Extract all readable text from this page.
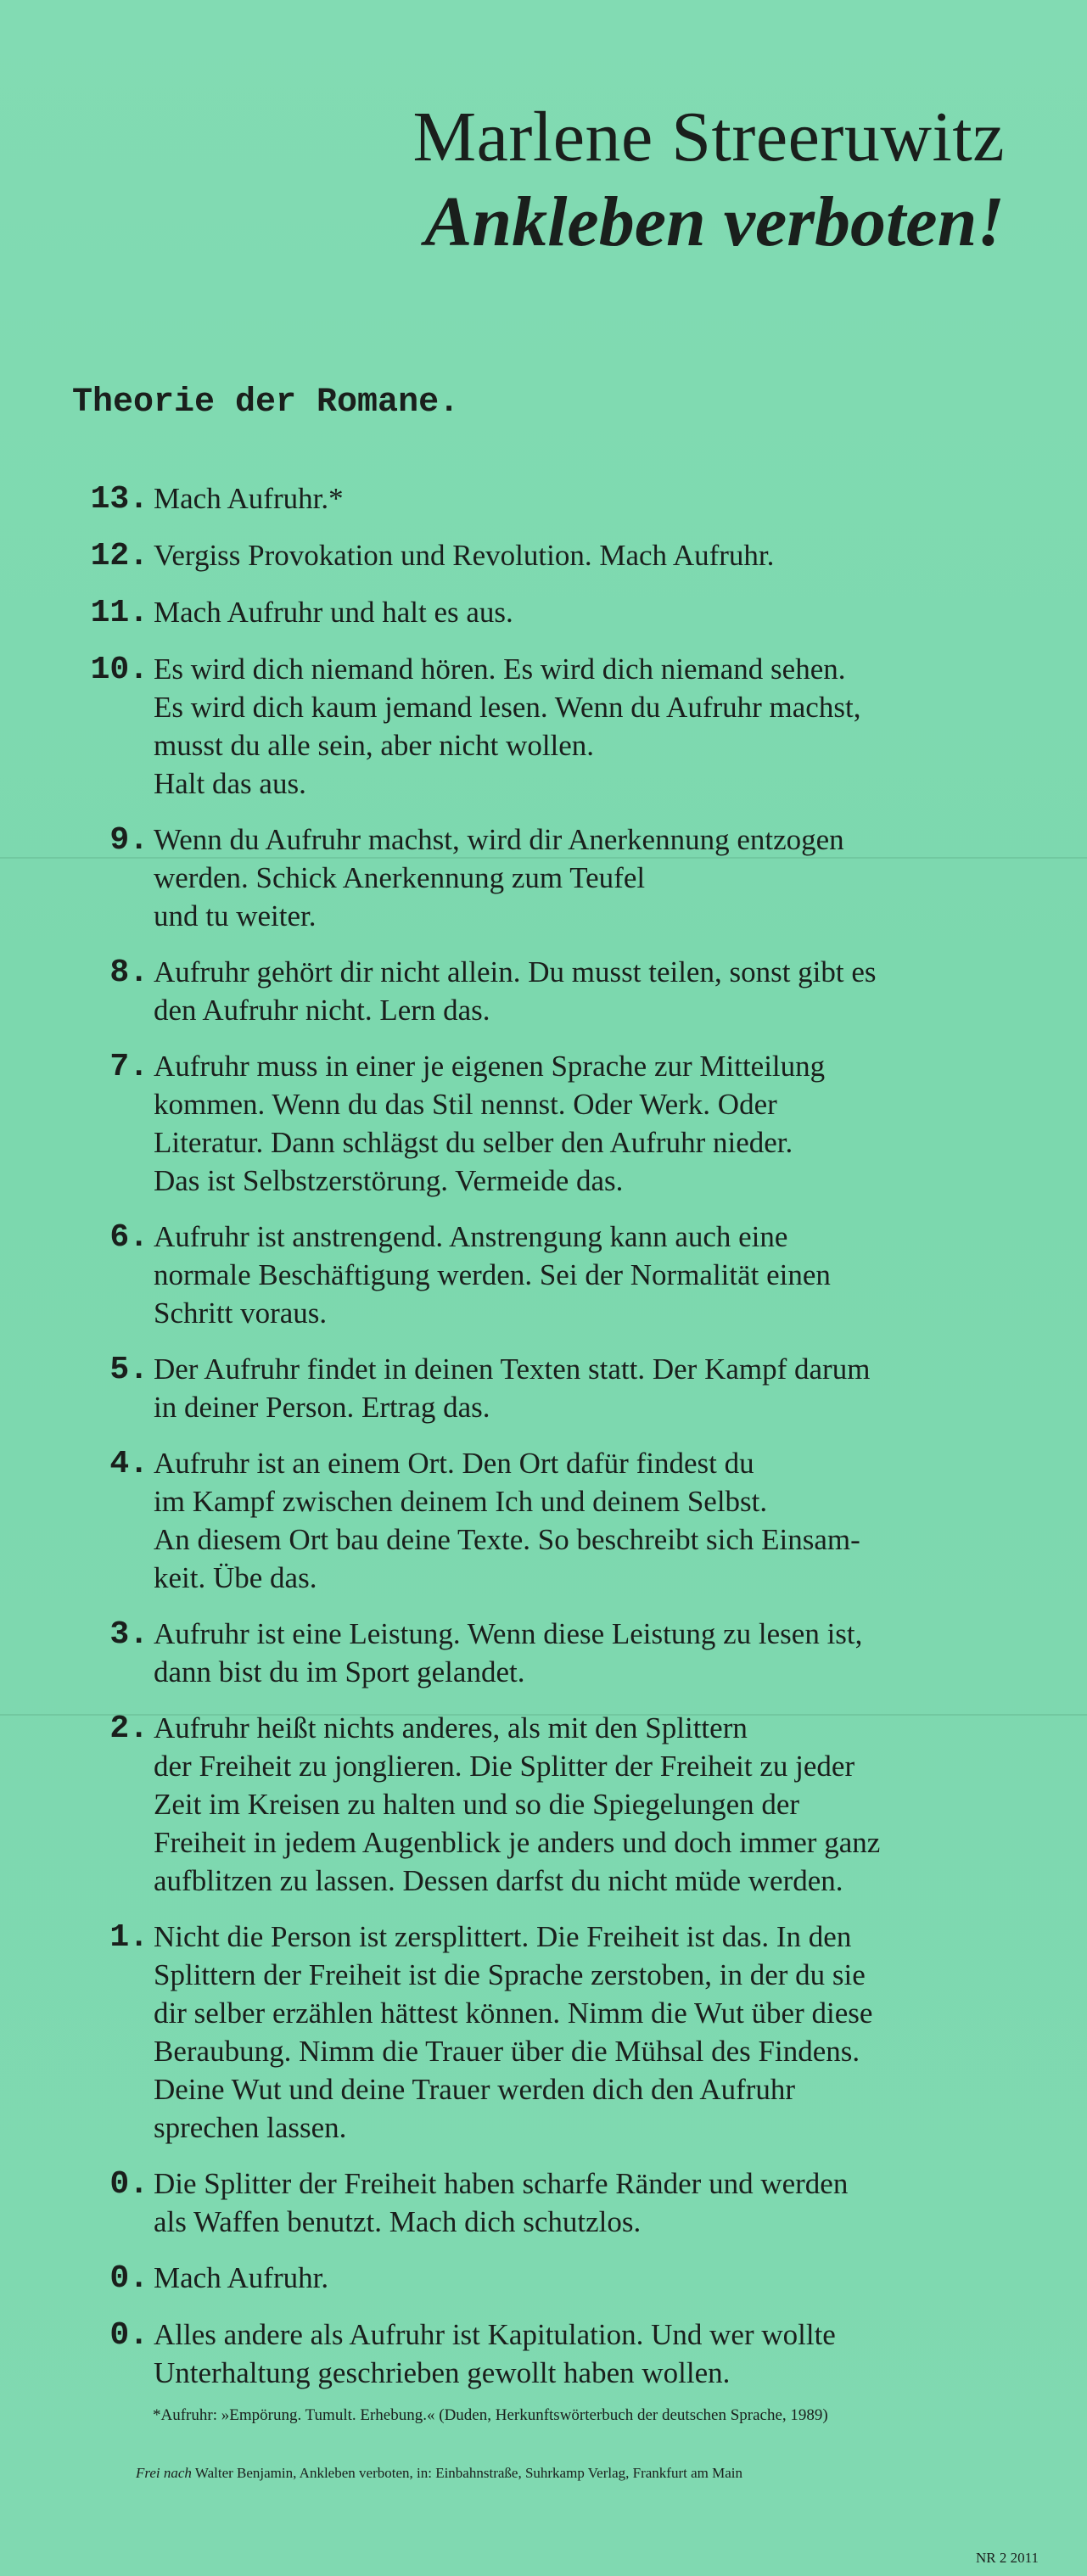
Marlene Streeruwitz
Ankleben verboten!
Theorie der Romane.
13. Mach Aufruhr.*
12. Vergiss Provokation und Revolution. Mach Aufruhr.
11. Mach Aufruhr und halt es aus.
10. Es wird dich niemand hören. Es wird dich niemand sehen.
Es wird dich kaum jemand lesen. Wenn du Aufruhr machst,
musst du alle sein, aber nicht wollen.
Halt das aus.
9. Wenn du Aufruhr machst, wird dir Anerkennung entzogen
werden. Schick Anerkennung zum Teufel
und tu weiter.
8. Aufruhr gehört dir nicht allein. Du musst teilen, sonst gibt es
den Aufruhr nicht. Lern das.
7. Aufruhr muss in einer je eigenen Sprache zur Mitteilung
kommen. Wenn du das Stil nennst. Oder Werk. Oder
Literatur. Dann schlägst du selber den Aufruhr nieder.
Das ist Selbstzerstörung. Vermeide das.
6. Aufruhr ist anstrengend. Anstrengung kann auch eine
normale Beschäftigung werden. Sei der Normalität einen
Schritt voraus.
5. Der Aufruhr findet in deinen Texten statt. Der Kampf darum
in deiner Person. Ertrag das.
4. Aufruhr ist an einem Ort. Den Ort dafür findest du
im Kampf zwischen deinem Ich und deinem Selbst.
An diesem Ort bau deine Texte. So beschreibt sich Einsam-
keit. Übe das.
3. Aufruhr ist eine Leistung. Wenn diese Leistung zu lesen ist,
dann bist du im Sport gelandet.
2. Aufruhr heißt nichts anderes, als mit den Splittern
der Freiheit zu jonglieren. Die Splitter der Freiheit zu jeder
Zeit im Kreisen zu halten und so die Spiegelungen der
Freiheit in jedem Augenblick je anders und doch immer ganz
aufblitzen zu lassen. Dessen darfst du nicht müde werden.
1. Nicht die Person ist zersplittert. Die Freiheit ist das. In den
Splittern der Freiheit ist die Sprache zerstoben, in der du sie
dir selber erzählen hättest können. Nimm die Wut über diese
Beraubung. Nimm die Trauer über die Mühsal des Findens.
Deine Wut und deine Trauer werden dich den Aufruhr
sprechen lassen.
0. Die Splitter der Freiheit haben scharfe Ränder und werden
als Waffen benutzt. Mach dich schutzlos.
0. Mach Aufruhr.
0. Alles andere als Aufruhr ist Kapitulation. Und wer wollte
Unterhaltung geschrieben gewollt haben wollen.
*Aufruhr: »Empörung. Tumult. Erhebung.« (Duden, Herkunftswörterbuch der deutschen Sprache, 1989)
Frei nach Walter Benjamin, Ankleben verboten, in: Einbahnstraße, Suhrkamp Verlag, Frankfurt am Main
NR 2 2011
